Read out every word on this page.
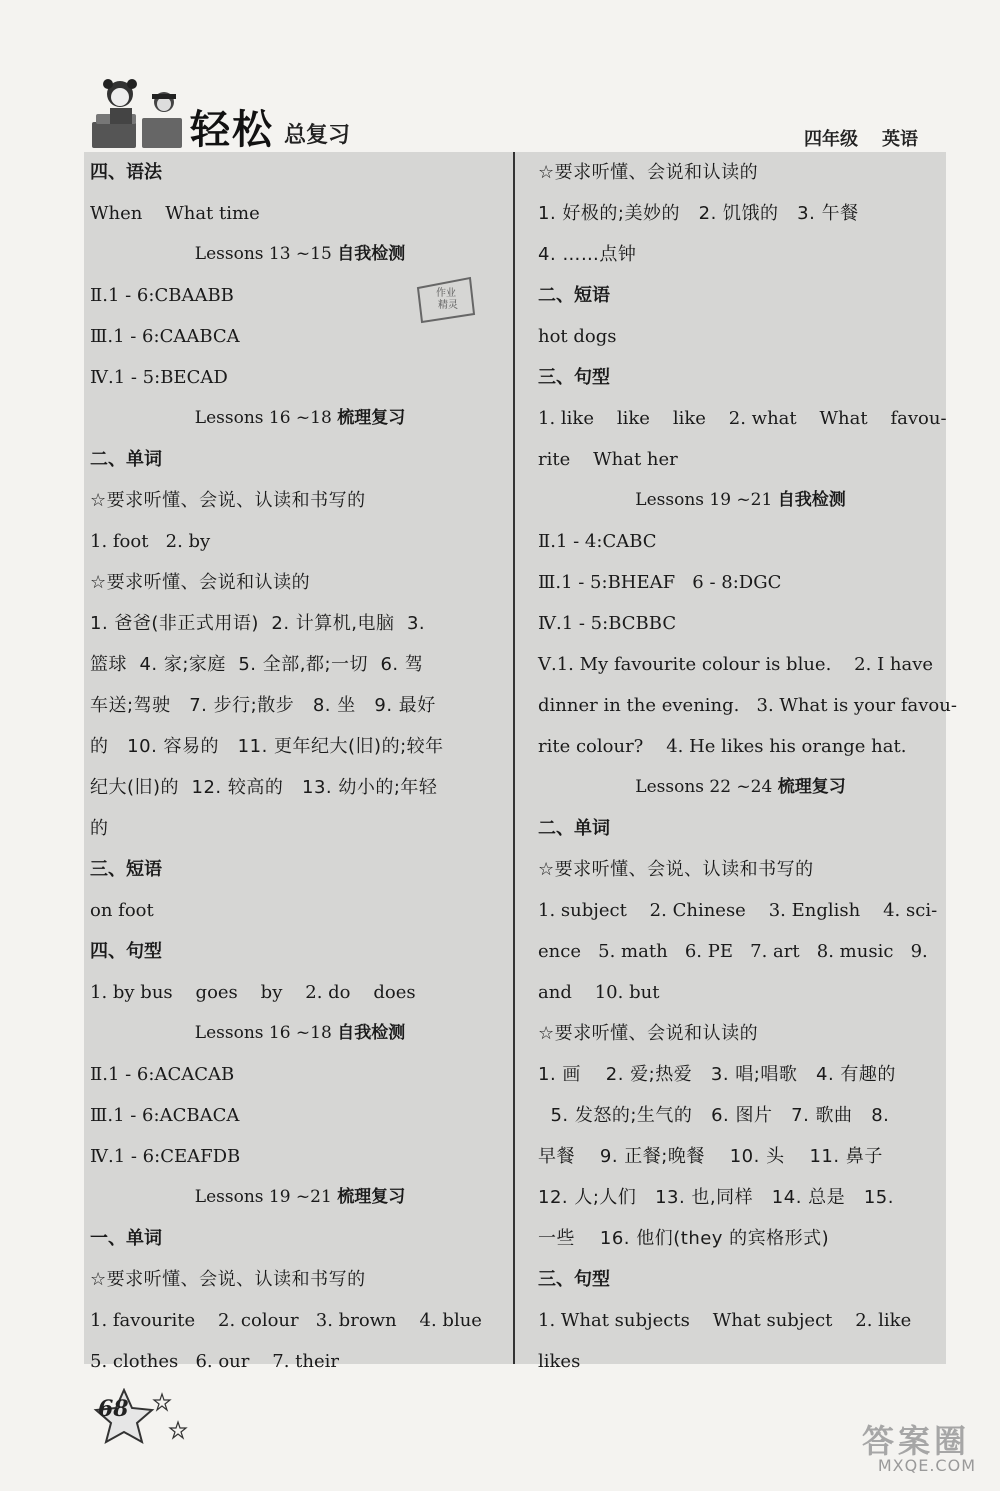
轻松 总复习	四年级 英语
四、语法
When    What time
Lessons 13 ~15 自我检测
Ⅱ.1 - 6:CBAABB
Ⅲ.1 - 6:CAABCA
Ⅳ.1 - 5:BECAD
Lessons 16 ~18 梳理复习
二、单词
☆要求听懂、会说、认读和书写的
1. foot   2. by
☆要求听懂、会说和认读的
1. 爸爸(非正式用语)  2. 计算机,电脑  3.
篮球  4. 家;家庭  5. 全部,都;一切  6. 驾
车送;驾驶   7. 步行;散步   8. 坐   9. 最好
的   10. 容易的   11. 更年纪大(旧)的;较年
纪大(旧)的  12. 较高的   13. 幼小的;年轻
的
三、短语
on foot
四、句型
1. by bus    goes    by    2. do    does
Lessons 16 ~18 自我检测
Ⅱ.1 - 6:ACACAB
Ⅲ.1 - 6:ACBACA
Ⅳ.1 - 6:CEAFDB
Lessons 19 ~21 梳理复习
一、单词
☆要求听懂、会说、认读和书写的
1. favourite    2. colour   3. brown    4. blue
5. clothes   6. our    7. their
☆要求听懂、会说和认读的
1. 好极的;美妙的   2. 饥饿的   3. 午餐
4. ……点钟
二、短语
hot dogs
三、句型
1. like    like    like    2. what    What    favou-
rite    What her
Lessons 19 ~21 自我检测
Ⅱ.1 - 4:CABC
Ⅲ.1 - 5:BHEAF   6 - 8:DGC
Ⅳ.1 - 5:BCBBC
Ⅴ.1. My favourite colour is blue.    2. I have
dinner in the evening.   3. What is your favou-
rite colour?    4. He likes his orange hat.
Lessons 22 ~24 梳理复习
二、单词
☆要求听懂、会说、认读和书写的
1. subject    2. Chinese    3. English    4. sci-
ence   5. math   6. PE   7. art   8. music   9.
and    10. but
☆要求听懂、会说和认读的
1. 画    2. 爱;热爱   3. 唱;唱歌   4. 有趣的
5. 发怒的;生气的   6. 图片   7. 歌曲   8.
早餐    9. 正餐;晚餐    10. 头    11. 鼻子
12. 人;人们   13. 也,同样   14. 总是   15.
一些    16. 他们(they 的宾格形式)
三、句型
1. What subjects    What subject    2. like
likes
作业
精灵
68
答案圈
MXQE.COM
